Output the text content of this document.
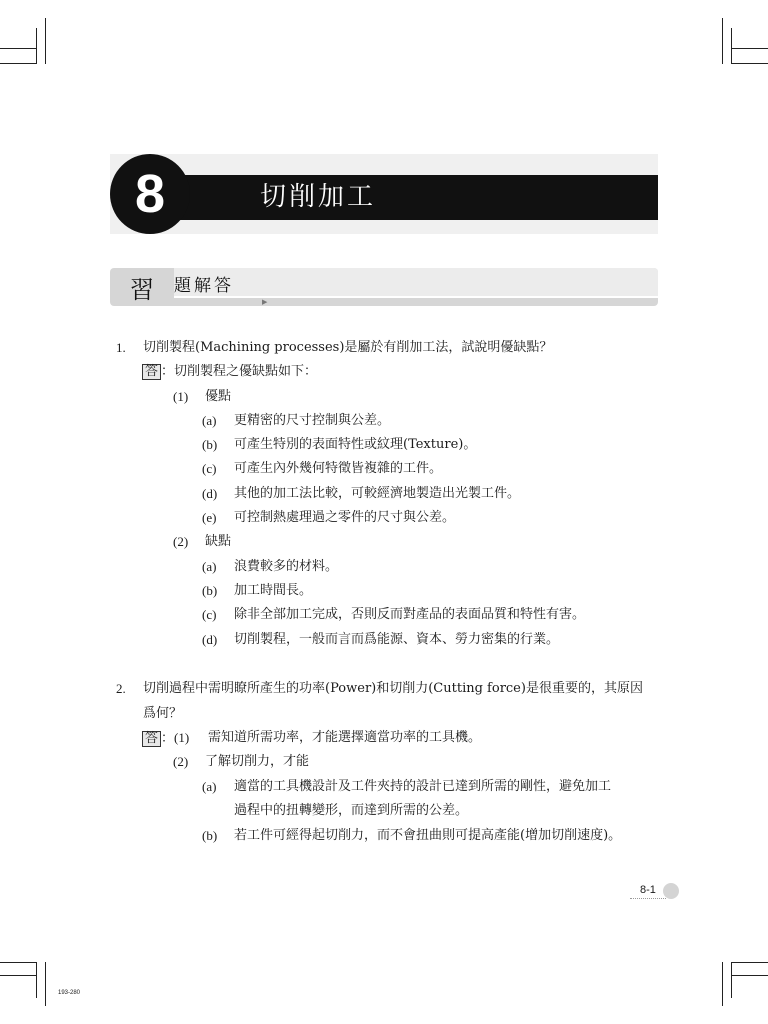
切削加工
8
習 題解答
▶
1. 切削製程(Machining processes)是屬於有削加工法，試說明優缺點？
答 ：切削製程之優缺點如下：
(1) 優點
(a) 更精密的尺寸控制與公差。
(b) 可產生特別的表面特性或紋理(Texture)。
(c) 可產生內外幾何特徵皆複雜的工件。
(d) 其他的加工法比較，可較經濟地製造出光製工件。
(e) 可控制熱處理過之零件的尺寸與公差。
(2) 缺點
(a) 浪費較多的材料。
(b) 加工時間長。
(c) 除非全部加工完成，否則反而對產品的表面品質和特性有害。
(d) 切削製程，一般而言而爲能源、資本、勞力密集的行業。
2. 切削過程中需明瞭所產生的功率(Power)和切削力(Cutting force)是很重要的，其原因
爲何？
答 ：(1) 需知道所需功率，才能選擇適當功率的工具機。
(2) 了解切削力，才能
(a) 適當的工具機設計及工件夾持的設計已達到所需的剛性，避免加工
過程中的扭轉變形，而達到所需的公差。
(b) 若工件可經得起切削力，而不會扭曲則可提高產能(增加切削速度)。
8-1
193-280
